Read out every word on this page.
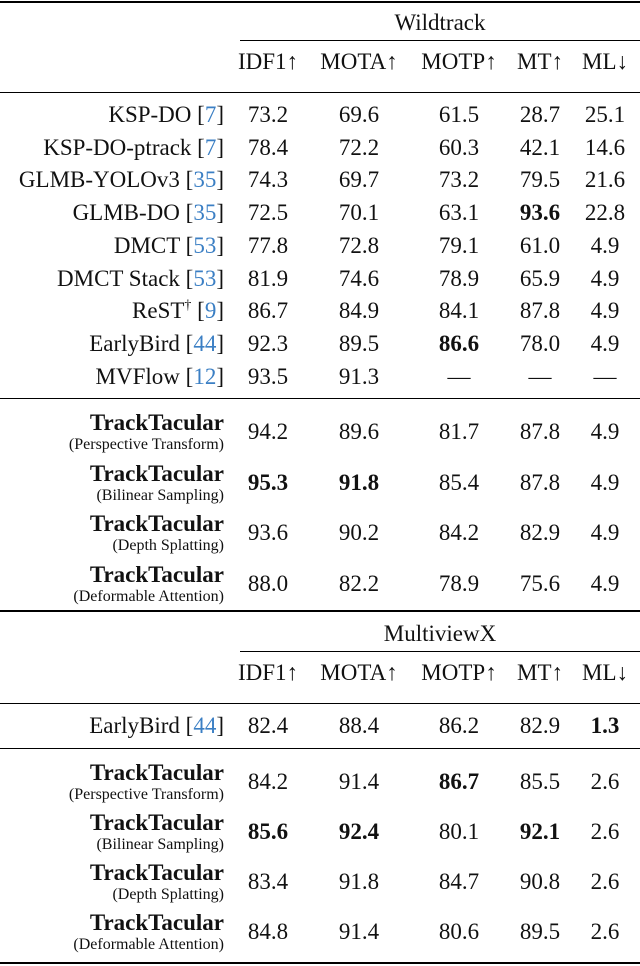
Wildtrack
IDF1↑ MOTA↑	MOTP↑ MT↑ ML↓
KSP-DO [7]	73.2	69.6	61.5	28.7	25.1
KSP-DO-ptrack [7]	78.4	72.2	60.3	42.1	14.6
GLMB-YOLOv3 [35]	74.3	69.7	73.2	79.5	21.6
GLMB-DO [35]	72.5	70.1	63.1	93.6	22.8
DMCT [53]	77.8	72.8	79.1	61.0	4.9
DMCT Stack [53]	81.9	74.6	78.9	65.9	4.9
ReST† [9]	86.7	84.9	84.1	87.8	4.9
EarlyBird [44]	92.3	89.5	86.6	78.0	4.9
MVFlow [12]	93.5	91.3	—	—	—
TrackTacular
(Perspective Transform)
94.2	89.6	81.7	87.8	4.9
TrackTacular
(Bilinear Sampling)
95.3	91.8	85.4	87.8	4.9
TrackTacular
(Depth Splatting)
93.6	90.2	84.2	82.9	4.9
TrackTacular
(Deformable Attention)
88.0	82.2	78.9	75.6	4.9
MultiviewX
IDF1↑ MOTA↑	MOTP↑ MT↑ ML↓
EarlyBird [44]	82.4	88.4	86.2	82.9	1.3
TrackTacular
(Perspective Transform)
84.2	91.4	86.7	85.5	2.6
TrackTacular
(Bilinear Sampling)
85.6	92.4	80.1	92.1	2.6
TrackTacular
(Depth Splatting)
83.4	91.8	84.7	90.8	2.6
TrackTacular
(Deformable Attention)
84.8	91.4	80.6	89.5	2.6
